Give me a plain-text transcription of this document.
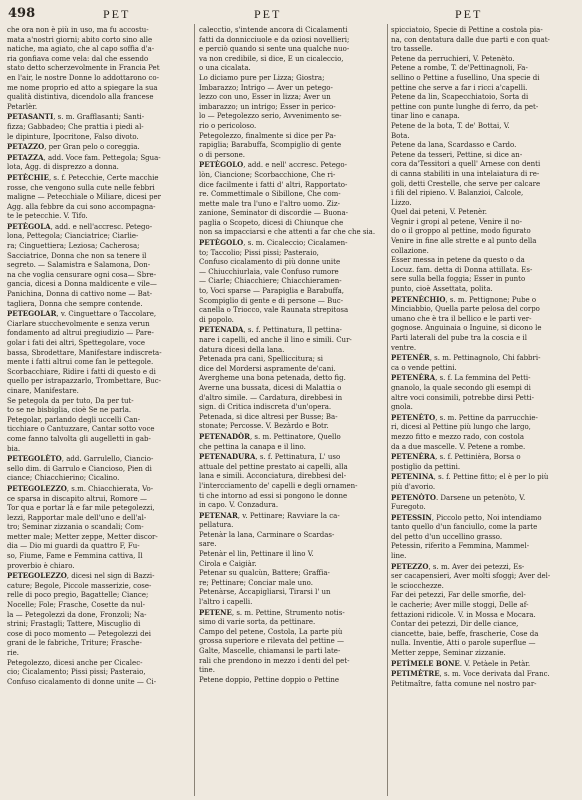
498	PET	PET	PET
che ora non è più in uso, ma fu accostu-
mata a'nostri giorni; abito corto sino alle
natiche, ma agiato, che al capo soffia d'a-
ria gonfiava come vela: dal che essendo
stato detto scherzevolmente in Francia Pet
en l'air, le nostre Donne lo addottarono co-
me nome proprio ed atto a spiegare la sua
qualità distintiva, dicendolo alla francese
Petarlèr.
PETASANTI, s. m. Grafflasanti; Santi-
fizza; Gabbadeo; Che prattia i piedi al-
le dipinture, Ipocritone, Falso divoto.
PETAZZO, per Gran pelo o coreggia.
PETAZZA, add. Voce fam. Pettegola; Sgua-
lota, Agg. di disprezzo a donna.
PETÈCHIE, s. f. Petecchie, Certe macchie
rosse, che vengono sulla cute nelle febbri
maligne — Petecchiale o Miliare, dicesi per
Agg. alla febbre da cui sono accompagna-
te le petecchie. V. Tifo.
PETÈGOLA, add. e nell'accresc. Petego-
lona, Pettegola; Cianciatrice; Ciarlie-
ra; Cinguettiera; Leziosa; Cacherosa;
Sacciatrice, Donna che non sa tenere il
segreto. — Salamistra e Salamona, Don-
na che voglia censurare ogni cosa— Sbre-
gancia, dicesi a Donna maldicente e vile—
Panichina, Donna di cattivo nome — Bat-
tagliera, Donna che sempre contende.
PETEGOLAR, v. Cinguettare o Taccolare,
Ciarlare stucchevolmente e senza verun
fondamento ad altrui pregiudizio — Pare-
golar i fati dei altri, Spettegolare, voce
bassa, Sbrodettare, Manifestare indiscreta-
mente i fatti altrui come fan le pettegole.
Scorbacchiare, Ridire i fatti di questo e di
quello per istrapazzarlo, Trombettare, Buc-
cinare, Manifestare.
Se petegola da per tuto, Da per tut-
to se ne bisbiglia, cioè Se ne parla.
Petegolar, parlando degli uccelli Can-
ticchiare o Cantuzzare, Cantar sotto voce
come fanno talvolta gli augelletti in gab-
bia.
PETEGOLÈTO, add. Garrulello, Ciancio-
sello dim. di Garrulo e Ciancioso, Pien di
ciance; Chiacchierino; Cicalino.
PETEGOLEZZO, s.m. Chiacchierata, Vo-
ce sparsa in discapito altrui, Romore —
Tor qua e portar là e far mile petegolezzi,
lezzi, Rapportar male dell'uno e dell'al-
tro; Seminar zizzania o scandali; Com-
metter male; Metter zeppe, Metter discor-
dia — Dio mi guardi da quattro F, Fu-
so, Fiume, Fame e Femmina cattiva, Il
proverbio è chiaro.
PETEGOLEZZO, dicesi nel sign di Bazzi-
cature; Begole, Piccole masserizie, cose-
relle di poco pregio, Bagattelle; Ciance;
Nocelle; Fole; Frasche, Cosette da nul-
la — Petegolezzi da done, Fronzoli; Na-
strini; Frastagli; Tattere, Miscuglio di
cose di poco momento — Petegolezzi dei
grani de le fabriche, Triture; Frasche-
rie.
Petegolezzo, dicesi anche per Cicalec-
cio; Cicalamento; Pissi pissi; Pasteraio,
Confuso cicalamento di donne unite — Ci-
calecctio, s'intende ancora di Cicalamenti
fatti da donnicciuole e da oziosi novellieri;
e perciò quando si sente una qualche nuo-
va non credibile, si dice, È un cicaleccio,
o una cicalata.
Lo diciamo pure per Lizza; Giostra;
Imbarazzo; Intrigo — Aver un petego-
lezzo con uno, Esser in lizza; Aver un
imbarazzo; un intrigo; Esser in perico-
lo — Petegolezzo serio, Avvenimento se-
rio o pericoloso.
Petegolezzo, finalmente si dice per Pa-
rapiglia; Barabuffa, Scompiglio di gente
o di persone.
PETÈGOLO, add. e nell' accresc. Petego-
lòn, Ciancione; Scorbacchione, Che ri-
dice facilmente i fatti d' altri, Rapportato-
re. Commettimale o Sibillone, Che com-
mette male tra l'uno e l'altro uomo. Ziz-
zanione, Seminator di discordie — Buona-
paglia o Scopeto, dicesi di Chiunque che
non sa impacciarsi e che attenti a far che che sia.
PETÈGOLO, s. m. Cicaleccio; Cicalamen-
to; Taccolio; Pissi pissi; Pasteraio,
Confuso cicalamento di più donne unite
— Chiucchiurlaia, vale Confuso rumore
— Ciarle; Chiacchiere; Chiacchieramen-
to, Voci sparse — Parapiglia e Barabuffa,
Scompiglio di gente e di persone — Buc-
canella o Triocco, vale Raunata strepitosa
di popolo.
PETENADA, s. f. Pettinatura, Il pettina-
nare i capelli, ed anche il lino e simili. Cur-
datura dicesi della lana.
Petenada pra cani, Spelliccitura; si
dice del Mordersi aspramente de'cani.
Avergheme una bona petenada, detto fig.
Averne una bussata, dicesi di Malattia o
d'altro simile. — Cardatura, direbbesi in
sign. di Critica indiscreta d'un'opera.
Petenada, si dice altresi per Busse; Ba-
stonate; Percosse. V. Bezàrdo e Botr.
PETENADÒR, s. m. Pettinatore, Quello
che pettina la canapa e il lino.
PETENADURA, s. f. Pettinatura, L' uso
attuale del pettine prestato ai capelli, alla
lana e simili. Acconciatura, direbbesi del-
l'intercciamento de' capelli e degli ornamen-
ti che intorno ad essi si pongono le donne
in capo. V. Conzadura.
PETENAR, v. Pettinare; Ravviare la ca-
pellatura.
Petenàr la lana, Carminare o Scardas-
sare.
Petenàr el lin, Pettinare il lino V.
Cirola e Caigiàr.
Petenar su qualcùn, Battere; Graffia-
re; Pettinare; Conciar male uno.
Petenàrse, Accapigliarsi, Tirarsi l' un
l'altro i capelli.
PETENE, s. m. Pettine, Strumento notis-
simo di varie sorta, da pettinare.
Campo del petene, Costola, La parte più
grossa superiore e rilevata del pettine —
Galte, Mascelle, chiamansi le parti late-
rali che prendono in mezzo i denti del pet-
tine.
Petene doppio, Pettine doppio o Pettine
spicciatoio, Specie di Pettine a costola pia-
na, con dentatura dalle due parti e con quat-
tro tasselle.
Petene da perruchieri, V. Petenèto.
Petene a rombe, T. de'Pettinagnoli, Fa-
sellino o Pettine a fusellino, Una specie di
pettine che serve a far i ricci a'capelli.
Petene da lin, Scapecchiatoio, Sorta di
pettine con punte lunghe di ferro, da pet-
tinar lino e canapa.
Petene de la bota, T. de' Bottai, V.
Bota.
Petene da lana, Scardasso e Cardo.
Petene da tesseri, Pettine, si dice an-
cora da'Tessitori a quell' Arnese con denti
di canna stabiliti in una intelaiatura di re-
goli, detti Crestelle, che serve per calcare
i fili del ripieno. V. Balanzioi, Calcole,
Lizzo.
Quel dai peteni, V. Petenèr.
Vegnir i gropi al petene, Venire il no-
do o il groppo al pettine, modo figurato
Venire in fine alle strette e al punto della
collazione.
Esser messa in petene da questo o da
Locuz. fam. detta di Donna attillata. Es-
sere sulla bella foggia; Esser in punto
punto, cioè Assettata, polita.
PETENÈCHIO, s. m. Pettignone; Pube o
Minciabbio, Quella parte pelosa del corpo
umano che è tra il bellico e le parti ver-
gognose. Anguinaia o Inguine, si dicono le
Parti laterali del pube tra la coscia e il
ventre.
PETENÈR, s. m. Pettinagnolo, Chi fabbri-
ca o vende pettini.
PETENÈRA, s. f. La femmina del Petti-
gnanolo, la quale secondo gli esempi di
altre voci consimili, potrebbe dirsi Petti-
gnola.
PETENÈTO, s. m. Pettine da parrucchie-
ri, dicesi al Pettine più lungo che largo,
mezzo fitto e mezzo rado, con costola
da a due mascelle. V. Petene a rombe.
PETENÈRA, s. f. Pettinièra, Borsa o
postiglio da pettini.
PETENINA, s. f. Pettine fitto; el è per lo più
più d'avorio.
PETENÒTO. Darsene un petenòto, V.
Furegoto.
PETESSIN, Piccolo petto, Noi intendiamo
tanto quello d'un fanciullo, come la parte
del petto d'un uccellino grasso.
Petessin, riferito a Femmina, Mammel-
line.
PETEZZO, s. m. Aver dei petezzi, Es-
ser cacapensieri, Aver molti sfoggi; Aver del-
le sciocchezze.
Far dei petezzi, Far delle smorfie, del-
le cacherie; Aver mille stoggi, Delle af-
fettazioni ridicole. V. in Mossa e Mocara.
Contar dei petezzi, Dir delle ciance,
ciancette, baie, beffe, frascherie, Cose da
nulla. Inventie, Atti o parole superflue —
Metter zeppe, Seminar zizzanie.
PETÌMELE BONE. V. Petàele in Petàr.
PETIMÈTRE, s. m. Voce derivata dal Franc.
Petitmaître, fatta comune nel nostro par-
